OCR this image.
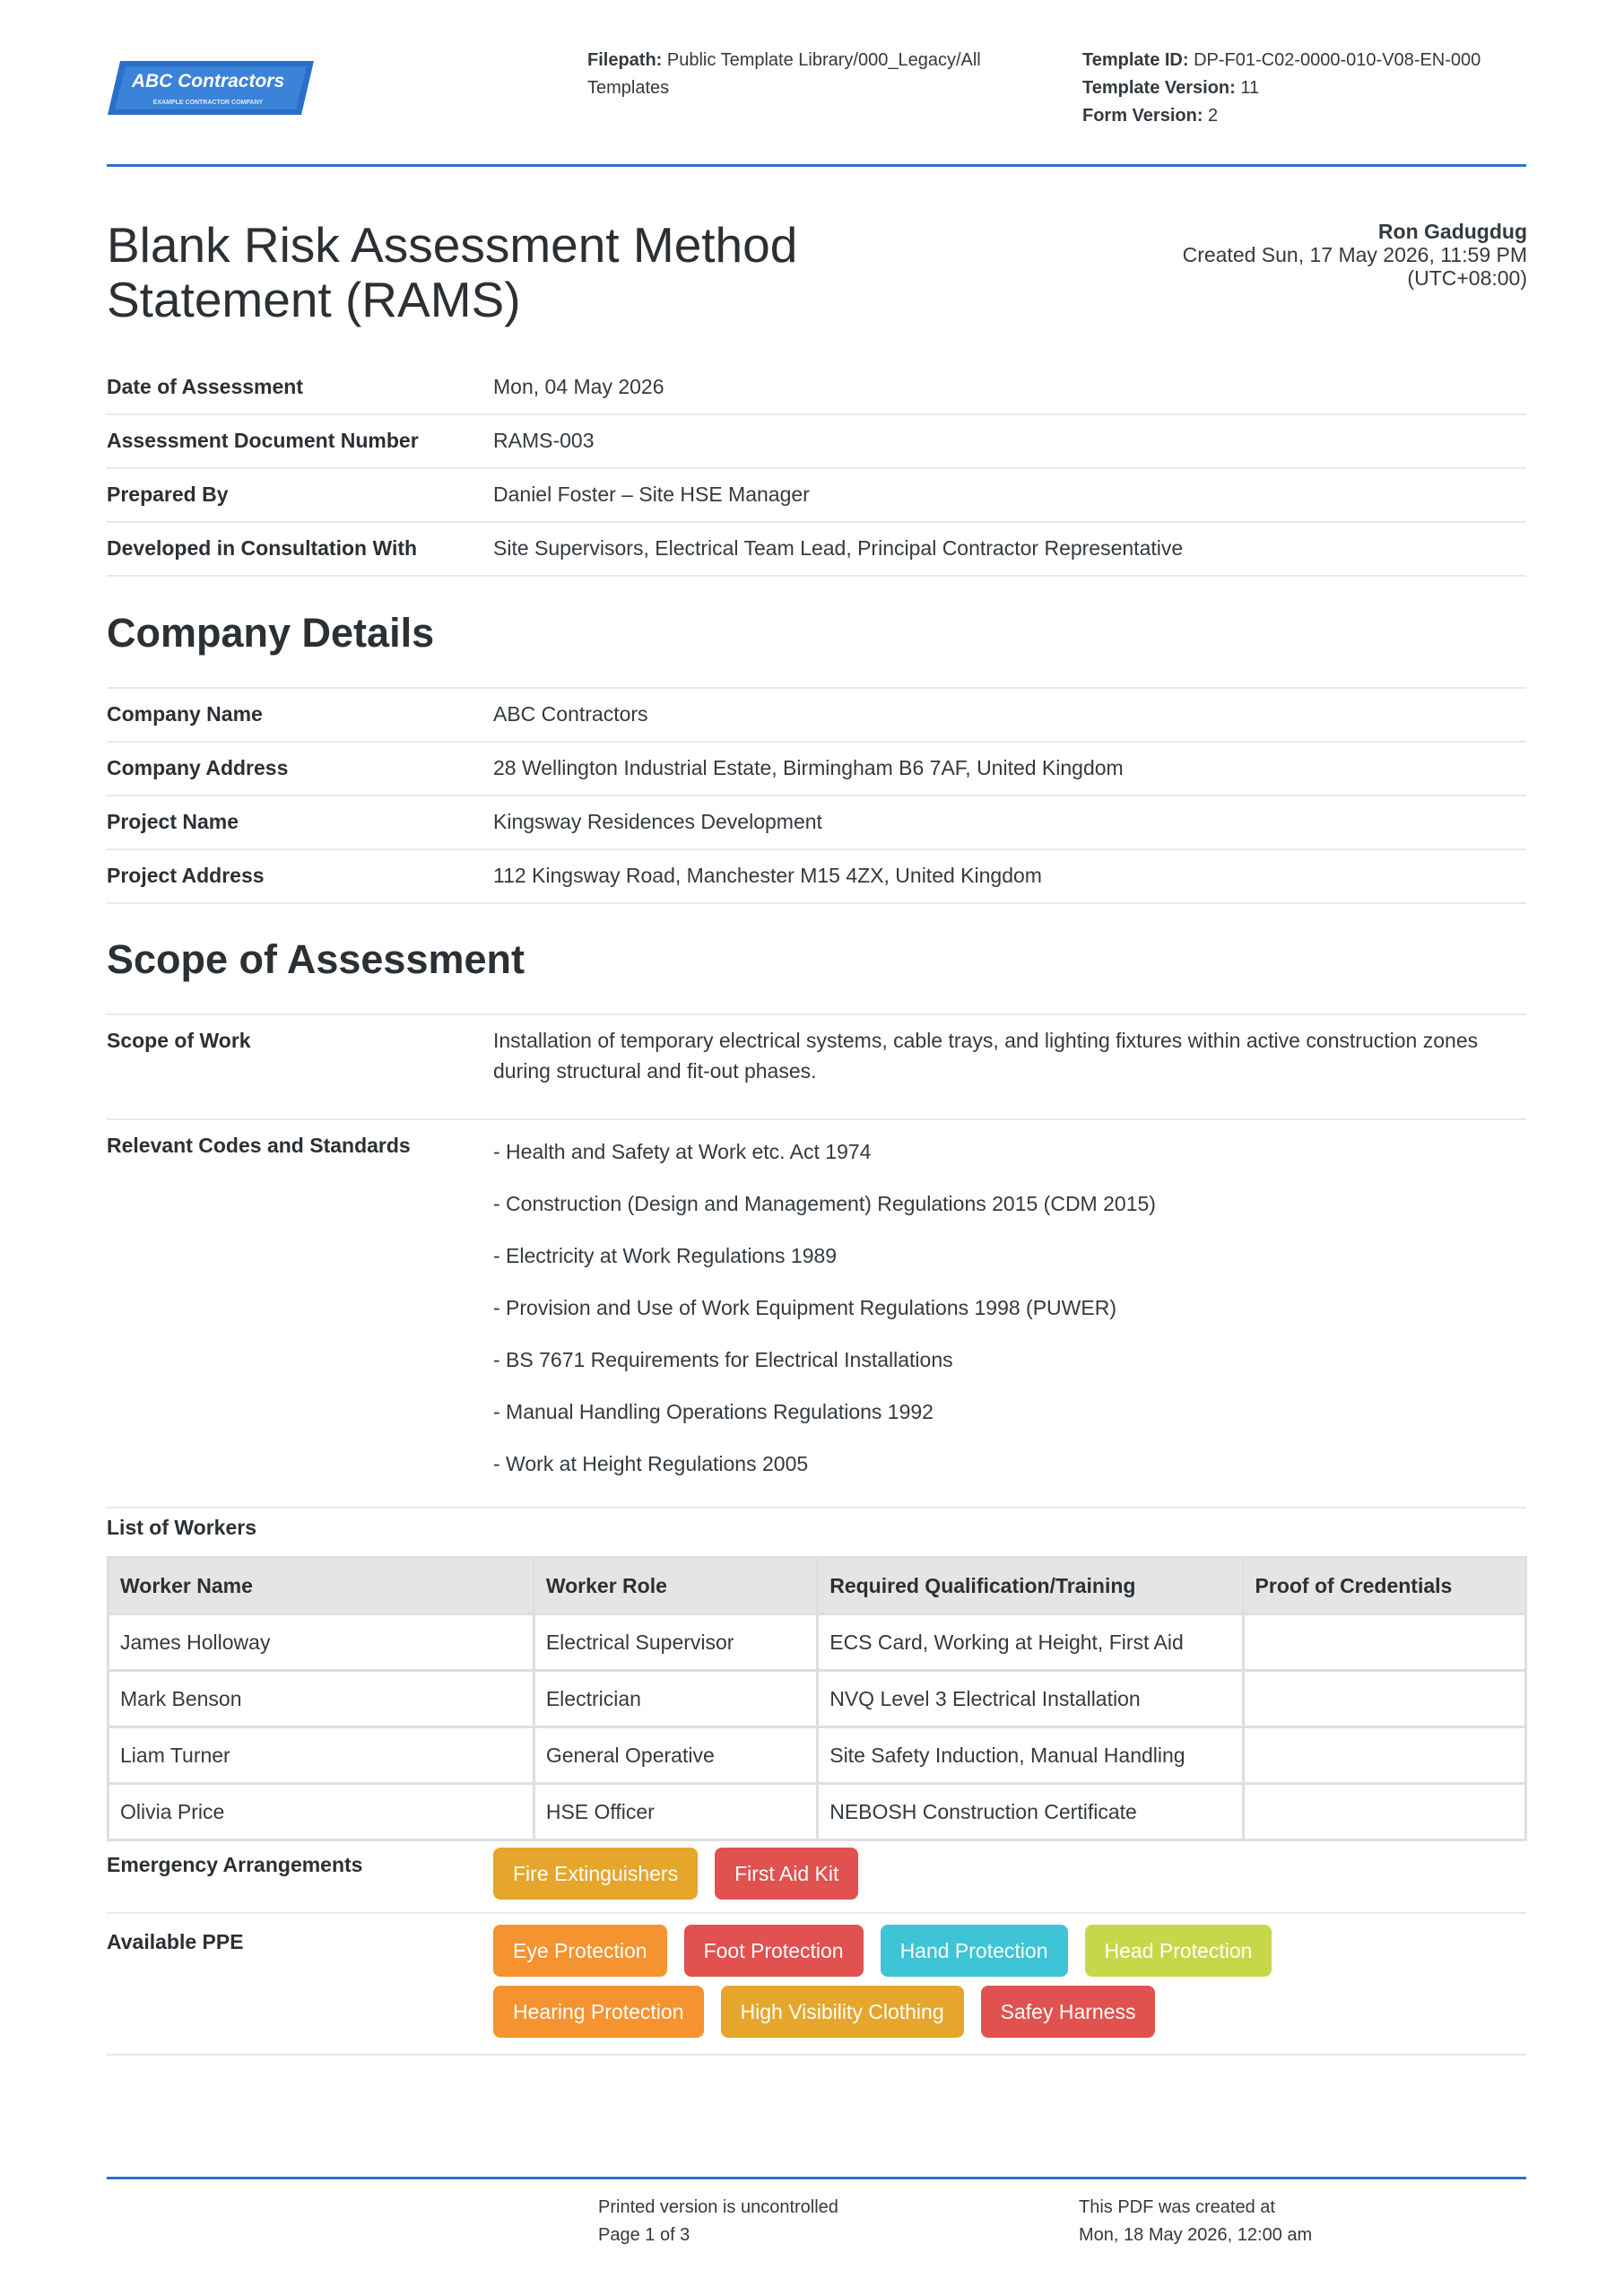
ABC Contractors
EXAMPLE CONTRACTOR COMPANY
Filepath: Public Template Library/000_Legacy/All Templates
Template ID: DP-F01-C02-0000-010-V08-EN-000
Template Version: 11
Form Version: 2
Blank Risk Assessment Method Statement (RAMS)
Ron Gadugdug
Created Sun, 17 May 2026, 11:59 PM
(UTC+08:00)
Date of Assessment	Mon, 04 May 2026
Assessment Document Number	RAMS-003
Prepared By	Daniel Foster – Site HSE Manager
Developed in Consultation With	Site Supervisors, Electrical Team Lead, Principal Contractor Representative
Company Details
Company Name	ABC Contractors
Company Address	28 Wellington Industrial Estate, Birmingham B6 7AF, United Kingdom
Project Name	Kingsway Residences Development
Project Address	112 Kingsway Road, Manchester M15 4ZX, United Kingdom
Scope of Assessment
Scope of Work	Installation of temporary electrical systems, cable trays, and lighting fixtures within active construction zones during structural and fit-out phases.
Relevant Codes and Standards	- Health and Safety at Work etc. Act 1974
- Construction (Design and Management) Regulations 2015 (CDM 2015)
- Electricity at Work Regulations 1989
- Provision and Use of Work Equipment Regulations 1998 (PUWER)
- BS 7671 Requirements for Electrical Installations
- Manual Handling Operations Regulations 1992
- Work at Height Regulations 2005
List of Workers
Worker Name	Worker Role	Required Qualification/Training	Proof of Credentials
James Holloway	Electrical Supervisor	ECS Card, Working at Height, First Aid	
Mark Benson	Electrician	NVQ Level 3 Electrical Installation	
Liam Turner	General Operative	Site Safety Induction, Manual Handling	
Olivia Price	HSE Officer	NEBOSH Construction Certificate	
Emergency Arrangements	Fire Extinguishers	First Aid Kit
Available PPE	Eye Protection	Foot Protection	Hand Protection	Head Protection
Hearing Protection	High Visibility Clothing	Safey Harness
Printed version is uncontrolled
Page 1 of 3
This PDF was created at
Mon, 18 May 2026, 12:00 am
